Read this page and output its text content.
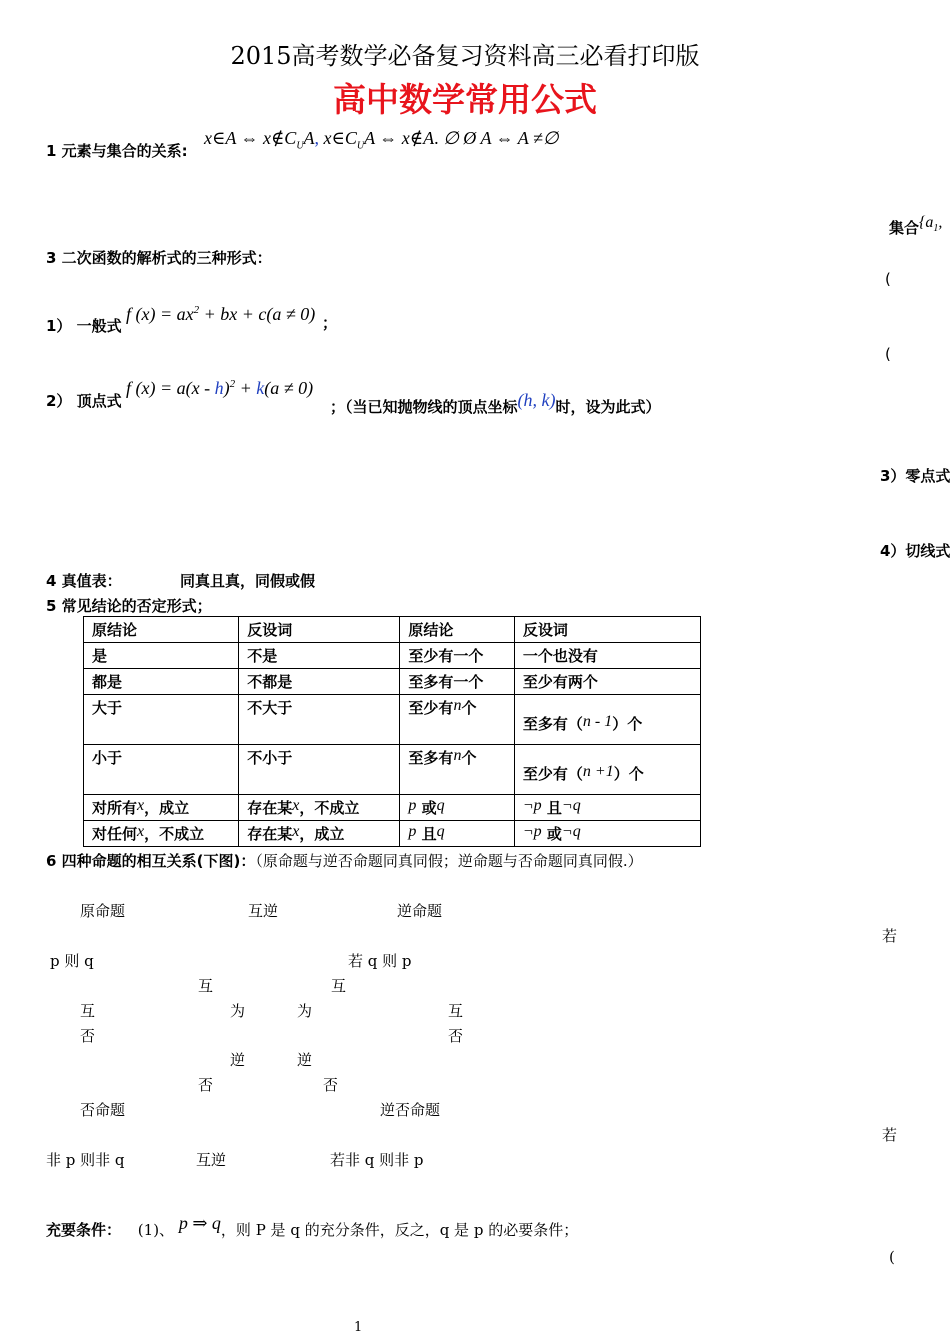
2015高考数学必备复习资料高三必看打印版
高中数学常用公式
1 元素与集合的关系:
x∈A ⇔ $x\notin C_UA$, $x\in C_UA$ ⇔ x∉A. ∅ Ø A ⇔ A ≠∅
集合{$a_1$,
(
(
3）零点式
4）切线式
若
若
(
3 二次函数的解析式的三种形式：
1） 一般式
f $(x) = ax^2$ + bx + c(a ≠ 0) ；
2） 顶点式
f (x) = a(x - h)$^2$ + k(a ≠ 0)
；（当已知抛物线的顶点坐标(h, k)时，设为此式）
4 真值表：	同真且真，同假或假
5 常见结论的否定形式；
原结论	反设词	原结论	反设词
是	不是	至少有一个	一个也没有
都是	不都是	至多有一个	至少有两个
大于	不大于	至少有n个	至多有（n - 1）个
小于	不小于	至多有n个	至少有（n +1）个
对所有x，成立	存在某x，不成立	p 或q	¬p 且¬q
对任何x，不成立	存在某x，成立	p 且q	¬p 或¬q
6 四种命题的相互关系(下图)：（原命题与逆否命题同真同假；逆命题与否命题同真同假.）
原命题	互逆	逆命题
p 则 q	若 q 则 p
互	互
互	为	为	互
否	否
逆	逆
否	否
否命题	逆否命题
非 p 则非 q	互逆	若非 q 则非 p
充要条件： (1)、 p ⇒ q，则 P 是 q 的充分条件，反之，q 是 p 的必要条件；
1
